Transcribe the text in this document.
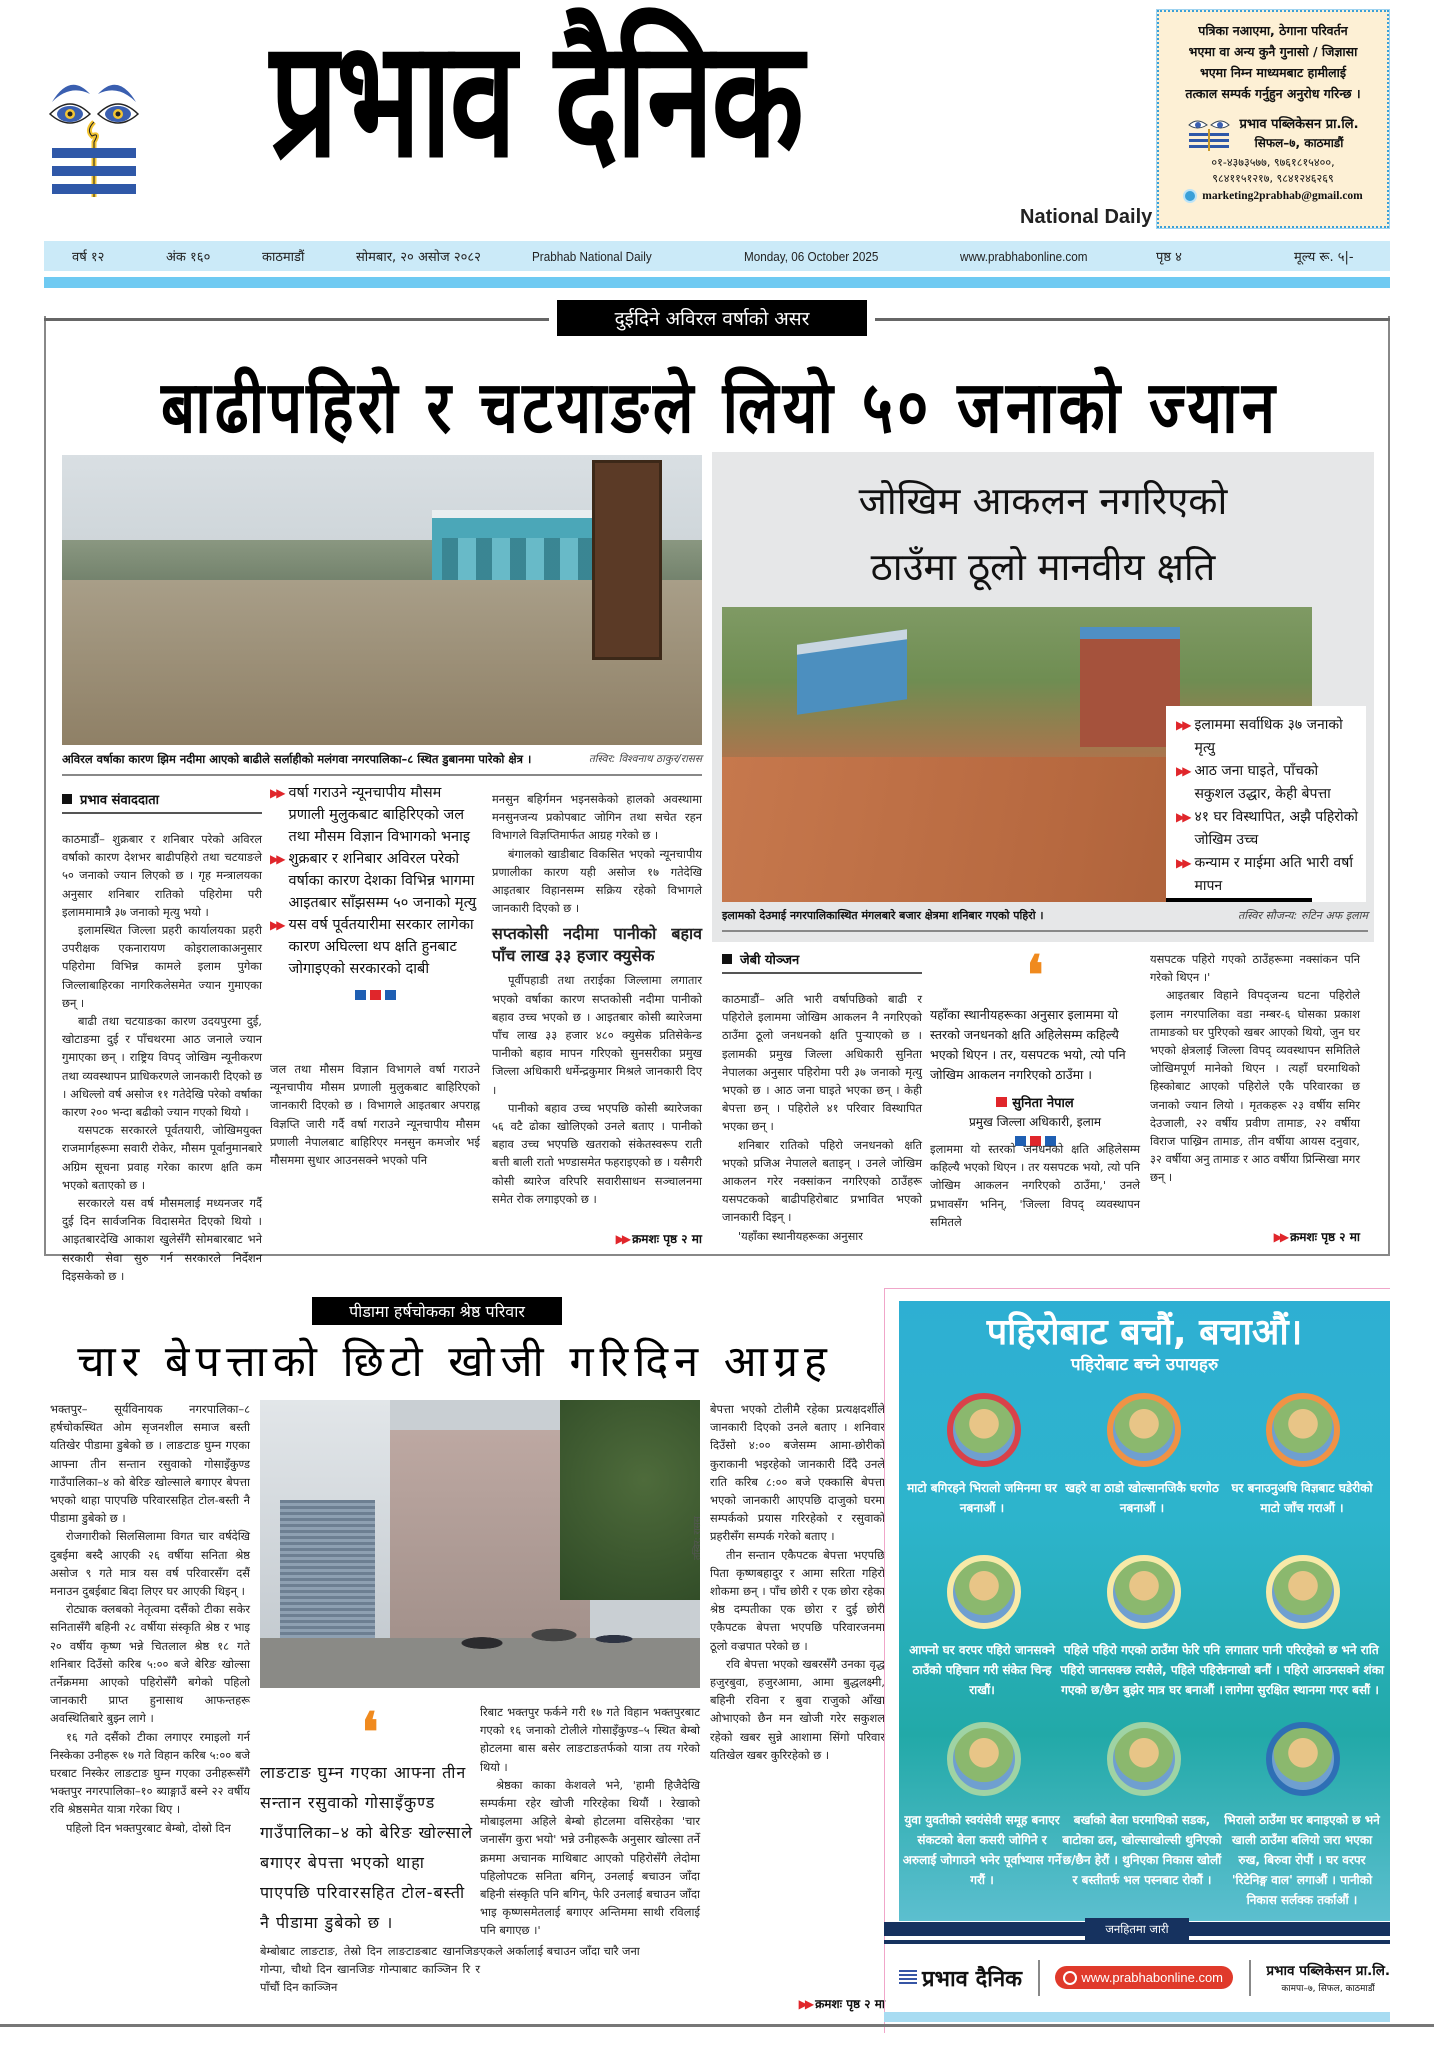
प्रभाव दैनिक
National Daily
पत्रिका नआएमा, ठेगाना परिवर्तन
भएमा वा अन्य कुनै गुनासो / जिज्ञासा
भएमा निम्न माध्यमबाट हामीलाई
तत्काल सम्पर्क गर्नुहुन अनुरोध गरिन्छ ।
प्रभाव पब्लिकेसन प्रा.लि.
सिफल–७, काठमाडौं
०१-४३७३५७७, ९७६१८१५४००,
९८४११५१२१७, ९८४१२४६२६९
marketing2prabhab@gmail.com
वर्ष १२	अंक १६०	काठमाडौं	सोमबार, २० असोज २०८२	Prabhab National Daily	Monday, 06 October 2025	www.prabhabonline.com	पृष्ठ ४	मूल्य रू. ५|-
दुईदिने अविरल वर्षाको असर
बाढीपहिरो र चटयाङले लियो ५० जनाको ज्यान
अविरल वर्षाका कारण झिम नदीमा आएको बाढीले सर्लाहीको मलंगवा नगरपालिका–८ स्थित डुबानमा पारेको क्षेत्र ।	तस्विर: विश्वनाथ ठाकुर/रासस
प्रभाव संवाददाता

काठमाडौं– शुक्रबार र शनिबार परेको अविरल वर्षाको कारण देशभर बाढीपहिरो तथा चटयाङले ५० जनाको ज्यान लिएको छ । गृह मन्त्रालयका अनुसार शनिबार रातिको पहिरोमा परी इलाममामात्रै ३७ जनाको मृत्यु भयो ।

इलामस्थित जिल्ला प्रहरी कार्यालयका प्रहरी उपरीक्षक एकनारायण कोइरालाकाअनुसार पहिरोमा विभिन्न कामले इलाम पुगेका जिल्लाबाहिरका नागरिकलेसमेत ज्यान गुमाएका छन् ।

बाढी तथा चटयाङका कारण उदयपुरमा दुई, खोटाङमा दुई र पाँचथरमा आठ जनाले ज्यान गुमाएका छन् । राष्ट्रिय विपद् जोखिम न्यूनीकरण तथा व्यवस्थापन प्राधिकरणले जानकारी दिएको छ । अधिल्लो वर्ष असोज ११ गतेदेखि परेको वर्षाका कारण २०० भन्दा बढीको ज्यान गएको थियो ।

यसपटक सरकारले पूर्वतयारी, जोखिमयुक्त राजमार्गहरूमा सवारी रोकेर, मौसम पूर्वानुमानबारे अग्रिम सूचना प्रवाह गरेका कारण क्षति कम भएको बताएको छ ।

सरकारले यस वर्ष मौसमलाई मध्यनजर गर्दै दुई दिन सार्वजनिक विदासमेत दिएको थियो । आइतबारदेखि आकाश खुलेसँगै सोमबारबाट भने सरकारी सेवा सुरु गर्न सरकारले निर्देशन दिइसकेको छ ।

▶▶ वर्षा गराउने न्यूनचापीय मौसम प्रणाली मुलुकबाट बाहिरिएको जल तथा मौसम विज्ञान विभागको भनाइ
▶▶ शुक्रबार र शनिबार अविरल परेको वर्षाका कारण देशका विभिन्न भागमा आइतबार साँझसम्म ५० जनाको मृत्यु
▶▶ यस वर्ष पूर्वतयारीमा सरकार लागेका कारण अघिल्ला थप क्षति हुनबाट जोगाइएको सरकारको दाबी

जल तथा मौसम विज्ञान विभागले वर्षा गराउने न्यूनचापीय मौसम प्रणाली मुलुकबाट बाहिरिएको जानकारी दिएको छ । विभागले आइतबार अपराह्न विज्ञप्ति जारी गर्दै वर्षा गराउने न्यूनचापीय मौसम प्रणाली नेपालबाट बाहिरिएर मनसुन कमजोर भई मौसममा सुधार आउनसक्ने भएको पनि

मनसुन बहिर्गमन भइनसकेको हालको अवस्थामा मनसुनजन्य प्रकोपबाट जोगिन तथा सचेत रहन विभागले विज्ञप्तिमार्फत आग्रह गरेको छ ।

बंगालको खाडीबाट विकसित भएको न्यूनचापीय प्रणालीका कारण यही असोज १७ गतेदेखि आइतबार विहानसम्म सक्रिय रहेको विभागले जानकारी दिएको छ ।

सप्तकोसी नदीमा पानीको बहाव पाँच लाख ३३ हजार क्युसेक

पूर्वीपहाडी तथा तराईका जिल्लामा लगातार भएको वर्षाका कारण सप्तकोसी नदीमा पानीको बहाव उच्च भएको छ । आइतबार कोसी ब्यारेजमा पाँच लाख ३३ हजार ४८० क्युसेक प्रतिसेकेन्ड पानीको बहाव मापन गरिएको सुनसरीका प्रमुख जिल्ला अधिकारी धर्मेन्द्रकुमार मिश्रले जानकारी दिए ।

पानीको बहाव उच्च भएपछि कोसी ब्यारेजका ५६ वटै ढोका खोलिएको उनले बताए । पानीको बहाव उच्च भएपछि खतराको संकेतस्वरूप राती बत्ती बाली रातो भण्डासमेत फहराइएको छ । यसैगरी कोसी ब्यारेज वरिपरि सवारीसाधन सञ्चालनमा समेत रोक लगाइएको छ ।

▶▶ क्रमशः पृष्ठ २ मा
जोखिम आकलन नगरिएको
ठाउँमा ठूलो मानवीय क्षति
▶▶ इलाममा सर्वाधिक ३७ जनाको मृत्यु
▶▶ आठ जना घाइते, पाँचको सकुशल उद्धार, केही बेपत्ता
▶▶ ४१ घर विस्थापित, अझै पहिरोको जोखिम उच्च
▶▶ कन्याम र माईमा अति भारी वर्षा मापन
इलामको देउमाई नगरपालिकास्थित मंगलबारे बजार क्षेत्रमा शनिबार गएको पहिरो ।	तस्विर सौजन्य: रुटिन अफ इलाम
जेबी योञ्जन

काठमाडौं– अति भारी वर्षापछिको बाढी र पहिरोले इलाममा जोखिम आकलन नै नगरिएको ठाउँमा ठूलो जनधनको क्षति पुऱ्याएको छ । इलामकी प्रमुख जिल्ला अधिकारी सुनिता नेपालका अनुसार पहिरोमा परी ३७ जनाको मृत्यु भएको छ । आठ जना घाइते भएका छन् । केही बेपत्ता छन् । पहिरोले ४१ परिवार विस्थापित भएका छन् ।

शनिबार रातिको पहिरो जनधनको क्षति भएको प्रजिअ नेपालले बताइन् । उनले जोखिम आकलन गरेर नक्सांकन नगरिएको ठाउँहरू यसपटकको बाढीपहिरोबाट प्रभावित भएको जानकारी दिइन् ।

'यहाँका स्थानीयहरूका अनुसार

❛
यहाँका स्थानीयहरूका अनुसार इलाममा यो स्तरको जनधनको क्षति अहिलेसम्म कहिल्यै भएको थिएन । तर, यसपटक भयो, त्यो पनि जोखिम आकलन नगरिएको ठाउँमा ।
सुनिता नेपाल
प्रमुख जिल्ला अधिकारी, इलाम

इलाममा यो स्तरको जनधनको क्षति अहिलेसम्म कहिल्यै भएको थिएन । तर यसपटक भयो, त्यो पनि जोखिम आकलन नगरिएको ठाउँमा,' उनले प्रभावसँग भनिन्, 'जिल्ला विपद् व्यवस्थापन समितले

यसपटक पहिरो गएको ठाउँहरूमा नक्सांकन पनि गरेको थिएन ।'

आइतबार विहाने विपद्जन्य घटना पहिरोले इलाम नगरपालिका वडा नम्बर-६ घोसका प्रकाश तामाङको घर पुरिएको खबर आएको थियो, जुन घर भएको क्षेत्रलाई जिल्ला विपद् व्यवस्थापन समितिले जोखिमपूर्ण मानेको थिएन । त्यहाँ घरमाथिको हिस्कोबाट आएको पहिरोले एकै परिवारका छ जनाको ज्यान लियो । मृतकहरू २३ वर्षीय समिर देउजाली, २२ वर्षीय प्रवीण तामाङ, २२ वर्षीया विराज पाख्रिन तामाङ, तीन वर्षीया आयस दनुवार, ३२ वर्षीया अनु तामाङ र आठ वर्षीया प्रिन्सिखा मगर छन् ।

▶▶ क्रमशः पृष्ठ २ मा
पीडामा हर्षचोकका श्रेष्ठ परिवार
चार बेपत्ताको छिटो खोजी गरिदिन आग्रह

भक्तपुर– सूर्यविनायक नगरपालिका–८ हर्षचोकस्थित ओम सृजनशील समाज बस्ती यतिखेर पीडामा डुबेको छ । लाङटाङ घुम्न गएका आफ्ना तीन सन्तान रसुवाको गोसाइँकुण्ड गाउँपालिका–४ को बेरिङ खोल्साले बगाएर बेपत्ता भएको थाहा पाएपछि परिवारसहित टोल-बस्ती नै पीडामा डुबेको छ ।

रोजगारीको सिलसिलामा विगत चार वर्षदेखि दुबईमा बस्दै आएकी २६ वर्षीया सनिता श्रेष्ठ असोज ९ गते मात्र यस वर्ष परिवारसँग दसैं मनाउन दुबईबाट बिदा लिएर घर आएकी थिइन् ।

रोट्याक क्लबको नेतृत्वमा दसैंको टीका सकेर सनितासँगै बहिनी २८ वर्षीया संस्कृति श्रेष्ठ र भाइ २० वर्षीय कृष्ण भन्ने चितलाल श्रेष्ठ १८ गते शनिबार दिउँसो करिब ५:०० बजे बेरिङ खोल्सा तर्नेक्रममा आएको पहिरोसँगै बगेको पहिलो जानकारी प्राप्त हुनासाथ आफन्तहरू अवस्थितिबारे बुझ्न लागे ।

१६ गते दसैंको टीका लगाएर रमाइलो गर्न निस्केका उनीहरू १७ गते विहान करिब ५:०० बजे घरबाट निस्केर लाङटाङ घुम्न गएका उनीहरूसँगै भक्तपुर नगरपालिका–१० ब्याङ्गाउँ बस्ने २२ वर्षीय रवि श्रेष्ठसमेत यात्रा गरेका थिए ।

पहिलो दिन भक्तपुरबाट बेम्बो, दोस्रो दिन

तस्विर: रासस
❛
लाङटाङ घुम्न गएका आफ्ना तीन सन्तान रसुवाको गोसाइँकुण्ड गाउँपालिका–४ को बेरिङ खोल्साले बगाएर बेपत्ता भएको थाहा पाएपछि परिवारसहित टोल-बस्ती नै पीडामा डुबेको छ ।

रिबाट भक्तपुर फर्कने गरी १७ गते विहान भक्तपुरबाट गएको १६ जनाको टोलीले गोसाइँकुण्ड–५ स्थित बेम्बो होटलमा बास बसेर लाङटाङतर्फको यात्रा तय गरेको थियो ।

श्रेष्ठका काका केशवले भने, 'हामी हिजैदेखि सम्पर्कमा रहेर खोजी गरिरहेका थियौं । रेखाको मोबाइलमा अहिले बेम्बो होटलमा वसिरहेका 'चार जनासँग कुरा भयो' भन्ने उनीहरूकै अनुसार खोल्सा तर्ने क्रममा अचानक माथिबाट आएको पहिरोसँगै लेदोमा पहिलोपटक सनिता बगिन्, उनलाई बचाउन जाँदा बहिनी संस्कृति पनि बगिन्, फेरि उनलाई बचाउन जाँदा भाइ कृष्णसमेतलाई बगाएर अन्तिममा साथी रविलाई पनि बगाएछ ।'

बेम्बोबाट लाङटाङ, तेस्रो दिन लाङटाङबाट खानजिङ गोन्पा, चौथो दिन खानजिङ गोन्पाबाट काञ्जिन रि र पाँचौं दिन काञ्जिन

एकले अर्कालाई बचाउन जाँदा चारै जना

बेपत्ता भएको टोलीमै रहेका प्रत्यक्षदर्शीले जानकारी दिएको उनले बताए । शनिवार दिउँसो ४:०० बजेसम्म आमा-छोरीको कुराकानी भइरहेको जानकारी दिँदै उनले राति करिब ८:०० बजे एक्कासि बेपत्ता भएको जानकारी आएपछि दाजुको घरमा सम्पर्कको प्रयास गरिरहेको र रसुवाको प्रहरीसँग सम्पर्क गरेको बताए ।

तीन सन्तान एकैपटक बेपत्ता भएपछि पिता कृष्णबहादुर र आमा सरिता गहिरो शोकमा छन् । पाँच छोरी र एक छोरा रहेका श्रेष्ठ दम्पतीका एक छोरा र दुई छोरी एकैपटक बेपत्ता भएपछि परिवारजनमा ठूलो वज्रपात परेको छ ।

रवि बेपत्ता भएको खबरसँगै उनका वृद्ध हजुरबुवा, हजुरआमा, आमा बुद्धलक्ष्मी, बहिनी रविना र बुवा राजुको आँखा ओभाएको छैन मन खोजी गरेर सकुशल रहेको खबर सुन्ने आशामा सिंगो परिवार यतिखेल खबर कुरिरहेको छ ।

▶▶ क्रमशः पृष्ठ २ मा
पहिरोबाट बचौं, बचाऔं।
पहिरोबाट बच्ने उपायहरु
माटो बगिरहने भिरालो जमिनमा घर नबनाऔं ।
खहरे वा ठाडो खोल्सानजिकै घरगोठ नबनाऔं ।
घर बनाउनुअघि विज्ञबाट घडेरीको माटो जाँच गराऔं ।
आफ्नो घर वरपर पहिरो जानसक्ने ठाउँको पहिचान गरी संकेत चिन्ह राखौं।
पहिले पहिरो गएको ठाउँमा फेरि पनि पहिरो जानसक्छ त्यसैले, पहिले पहिरो गएको छ/छैन बुझेर मात्र घर बनाऔं ।
लगातार पानी परिरहेको छ भने राति चनाखो बनौं । पहिरो आउनसक्ने शंका लागेमा सुरक्षित स्थानमा गएर बसौं ।
युवा युवतीको स्वयंसेवी समूह बनाएर संकटको बेला कसरी जोगिने र अरुलाई जोगाउने भनेर पूर्वाभ्यास गर्ने गरौं ।
बर्खाको बेला घरमाथिको सडक, बाटोका ढल, खोल्साखोल्सी थुनिएको छ/छैन हेरौं । थुनिएका निकास खोलौं र बस्तीतर्फ भल पस्नबाट रोकौं ।
भिरालो ठाउँमा घर बनाइएको छ भने खाली ठाउँमा बलियो जरा भएका रुख, बिरुवा रोपौं । घर वरपर 'रिटेनिङ्ग वाल' लगाऔं । पानीको निकास सर्लक्क तर्काऔं ।
जनहितमा जारी
प्रभाव दैनिक	www.prabhabonline.com	प्रभाव पब्लिकेसन प्रा.लि.
कामपा–७, सिफल, काठमाडौं
